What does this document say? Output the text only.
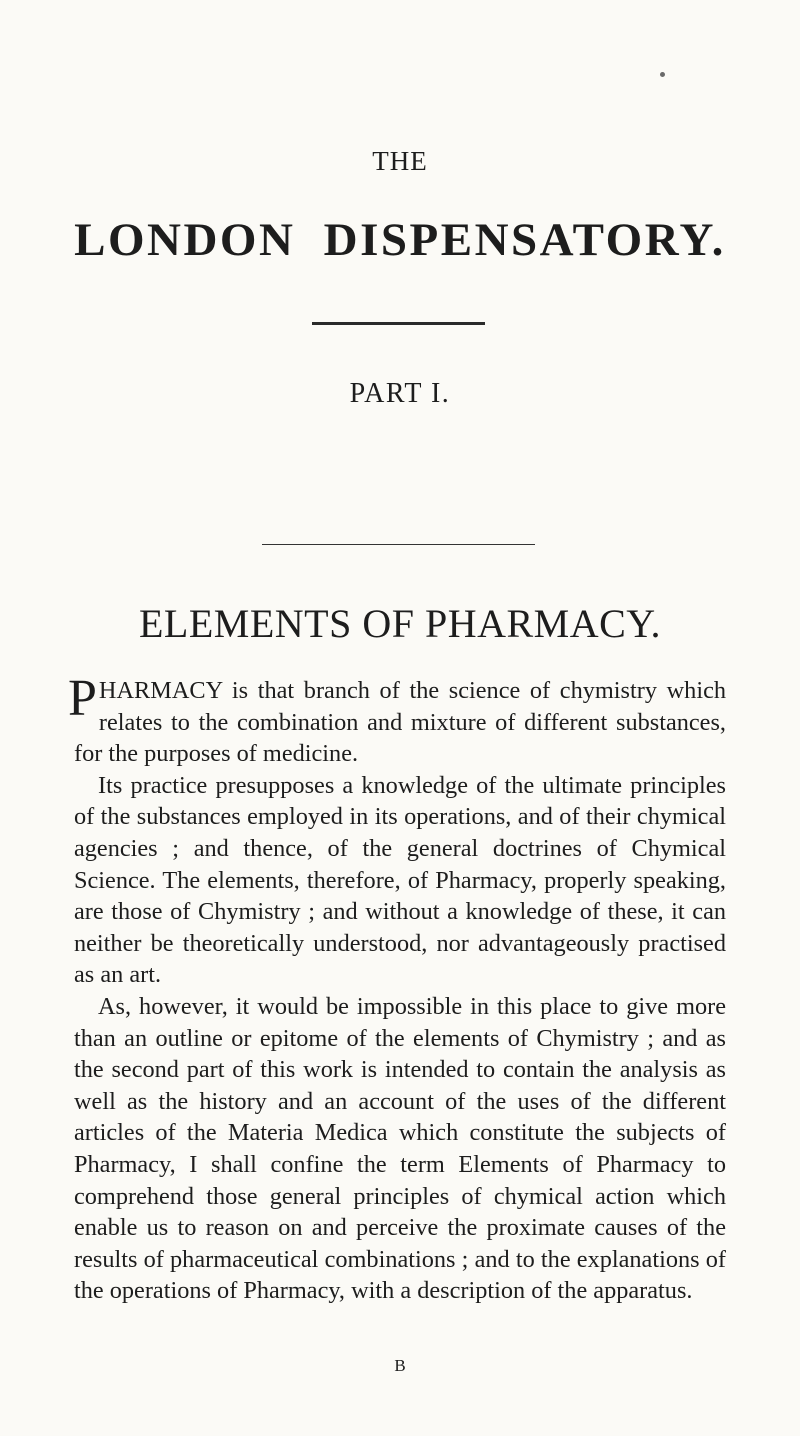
THE
LONDON DISPENSATORY.
PART I.
ELEMENTS OF PHARMACY.

PHARMACY is that branch of the science of chymistry which relates to the combination and mixture of different substances, for the purposes of medicine.

Its practice presupposes a knowledge of the ultimate principles of the substances employed in its operations, and of their chymical agencies ; and thence, of the general doctrines of Chymical Science. The elements, therefore, of Pharmacy, properly speaking, are those of Chymistry ; and without a knowledge of these, it can neither be theoretically understood, nor advantageously practised as an art.

As, however, it would be impossible in this place to give more than an outline or epitome of the elements of Chymistry ; and as the second part of this work is intended to contain the analysis as well as the history and an account of the uses of the different articles of the Materia Medica which constitute the subjects of Pharmacy, I shall confine the term Elements of Pharmacy to comprehend those general principles of chymical action which enable us to reason on and perceive the proximate causes of the results of pharmaceutical combinations ; and to the explanations of the operations of Pharmacy, with a description of the apparatus.

B
